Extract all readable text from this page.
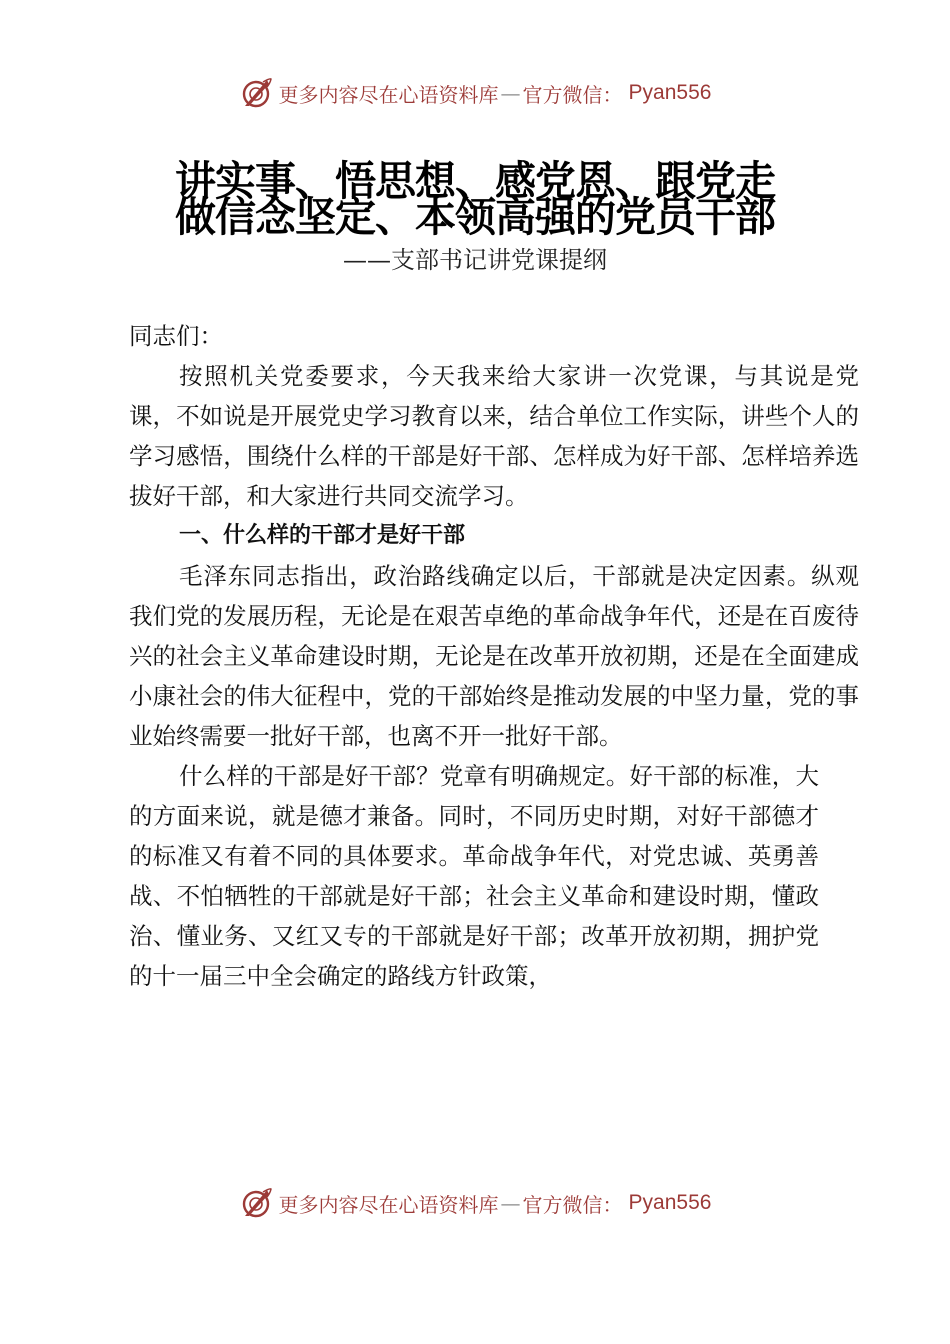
更多内容尽在心语资料库 — 官方微信： Pyan556
讲实事、悟思想、感党恩、跟党走
做信念坚定、本领高强的党员干部
——支部书记讲党课提纲

同志们：

按照机关党委要求，今天我来给大家讲一次党课，与其说是党课，不如说是开展党史学习教育以来，结合单位工作实际，讲些个人的学习感悟，围绕什么样的干部是好干部、怎样成为好干部、怎样培养选拔好干部，和大家进行共同交流学习。

一、什么样的干部才是好干部

毛泽东同志指出，政治路线确定以后，干部就是决定因素。纵观我们党的发展历程，无论是在艰苦卓绝的革命战争年代，还是在百废待兴的社会主义革命建设时期，无论是在改革开放初期，还是在全面建成小康社会的伟大征程中，党的干部始终是推动发展的中坚力量，党的事业始终需要一批好干部，也离不开一批好干部。

什么样的干部是好干部？党章有明确规定。好干部的标准，大的方面来说，就是德才兼备。同时，不同历史时期，对好干部德才的标准又有着不同的具体要求。革命战争年代，对党忠诚、英勇善战、不怕牺牲的干部就是好干部；社会主义革命和建设时期，懂政治、懂业务、又红又专的干部就是好干部；改革开放初期，拥护党的十一届三中全会确定的路线方针政策，

更多内容尽在心语资料库 — 官方微信： Pyan556
